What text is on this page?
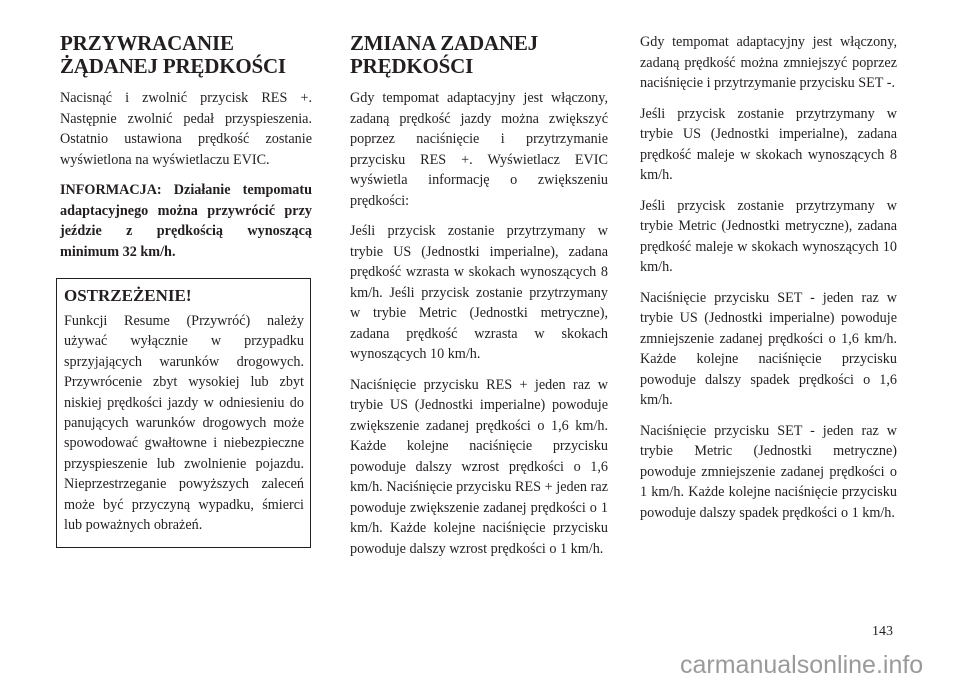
PRZYWRACANIE
ŻĄDANEJ PRĘDKOŚCI

Nacisnąć i zwolnić przycisk RES +. Następnie zwolnić pedał przyspieszenia. Ostatnio ustawiona prędkość zostanie wyświetlona na wyświetlaczu EVIC.

INFORMACJA: Działanie tempomatu adaptacyjnego można przywrócić przy jeździe z prędkością wynoszącą minimum 32 km/h.

OSTRZEŻENIE!

Funkcji Resume (Przywróć) należy używać wyłącznie w przypadku sprzyjających warunków drogowych. Przywrócenie zbyt wysokiej lub zbyt niskiej prędkości jazdy w odniesieniu do panujących warunków drogowych może spowodować gwałtowne i niebezpieczne przyspieszenie lub zwolnienie pojazdu. Nieprzestrzeganie powyższych zaleceń może być przyczyną wypadku, śmierci lub poważnych obrażeń.

ZMIANA ZADANEJ
PRĘDKOŚCI

Gdy tempomat adaptacyjny jest włączony, zadaną prędkość jazdy można zwiększyć poprzez naciśnięcie i przytrzymanie przycisku RES +. Wyświetlacz EVIC wyświetla informację o zwiększeniu prędkości:

Jeśli przycisk zostanie przytrzymany w trybie US (Jednostki imperialne), zadana prędkość wzrasta w skokach wynoszących 8 km/h. Jeśli przycisk zostanie przytrzymany w trybie Metric (Jednostki metryczne), zadana prędkość wzrasta w skokach wynoszących 10 km/h.

Naciśnięcie przycisku RES + jeden raz w trybie US (Jednostki imperialne) powoduje zwiększenie zadanej prędkości o 1,6 km/h. Każde kolejne naciśnięcie przycisku powoduje dalszy wzrost prędkości o 1,6 km/h. Naciśnięcie przycisku RES + jeden raz powoduje zwiększenie zadanej prędkości o 1 km/h. Każde kolejne naciśnięcie przycisku powoduje dalszy wzrost prędkości o 1 km/h.

Gdy tempomat adaptacyjny jest włączony, zadaną prędkość można zmniejszyć poprzez naciśnięcie i przytrzymanie przycisku SET -.

Jeśli przycisk zostanie przytrzymany w trybie US (Jednostki imperialne), zadana prędkość maleje w skokach wynoszących 8 km/h.

Jeśli przycisk zostanie przytrzymany w trybie Metric (Jednostki metryczne), zadana prędkość maleje w skokach wynoszących 10 km/h.

Naciśnięcie przycisku SET - jeden raz w trybie US (Jednostki imperialne) powoduje zmniejszenie zadanej prędkości o 1,6 km/h. Każde kolejne naciśnięcie przycisku powoduje dalszy spadek prędkości o 1,6 km/h.

Naciśnięcie przycisku SET - jeden raz w trybie Metric (Jednostki metryczne) powoduje zmniejszenie zadanej prędkości o 1 km/h. Każde kolejne naciśnięcie przycisku powoduje dalszy spadek prędkości o 1 km/h.

143
carmanualsonline.info
